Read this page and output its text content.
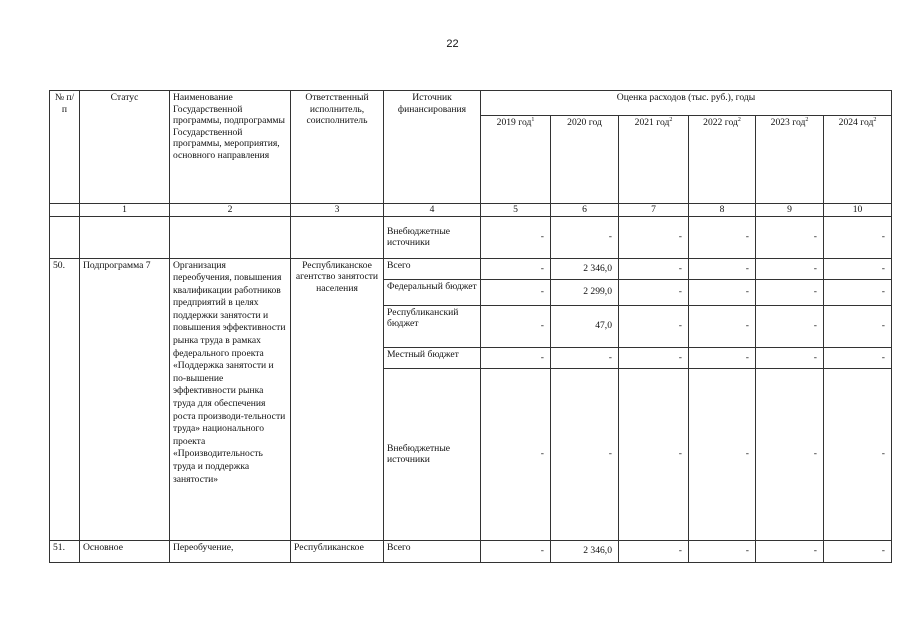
22
№ п/п	Статус	Наименование Государственной программы, подпрограммы Государственной программы, мероприятия, основного направления	Ответственный исполнитель, соисполнитель	Источник финансирования	Оценка расходов (тыс. руб.), годы					
					2019 год$^1$	2020 год	2021 год$^2$	2022 год$^2$	2023 год$^2$	2024 год$^2$
	1	2	3	4	5	6	7	8	9	10
				Внебюджетные источники	-	-	-	-	-	-
50.	Подпрограмма 7	Организация переобучения, повышения квалификации работников предприятий в целях поддержки занятости и повышения эффективности рынка труда в рамках федерального проекта «Поддержка занятости и по-вышение эффективности рынка труда для обеспечения роста производи-тельности труда» национального проекта «Производительность труда и поддержка занятости»	Республиканское агентство занятости населения	Всего	-	2 346,0	-	-	-	-
				Федеральный бюджет	-	2 299,0	-	-	-	-
				Республиканский бюджет	-	47,0	-	-	-	-
				Местный бюджет	-	-	-	-	-	-
				Внебюджетные источники	-	-	-	-	-	-
51.	Основное	Переобучение,	Республиканское	Всего	-	2 346,0	-	-	-	-
